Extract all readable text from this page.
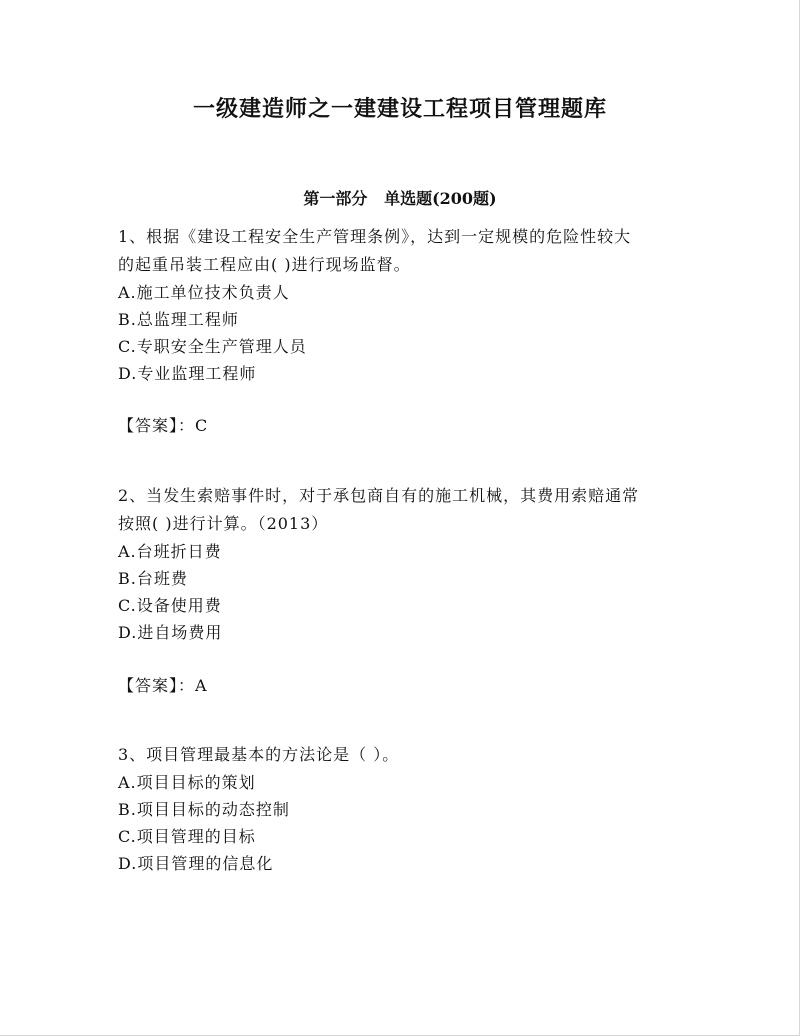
一级建造师之一建建设工程项目管理题库
第一部分   单选题(200题)

1、根据《建设工程安全生产管理条例》，达到一定规模的危险性较大

的起重吊装工程应由( )进行现场监督。

A.施工单位技术负责人

B.总监理工程师

C.专职安全生产管理人员

D.专业监理工程师

【答案】：C

2、当发生索赔事件时，对于承包商自有的施工机械，其费用索赔通常

按照( )进行计算。（2013）

A.台班折日费

B.台班费

C.设备使用费

D.进自场费用

【答案】：A

3、项目管理最基本的方法论是（ ）。

A.项目目标的策划

B.项目目标的动态控制

C.项目管理的目标

D.项目管理的信息化
